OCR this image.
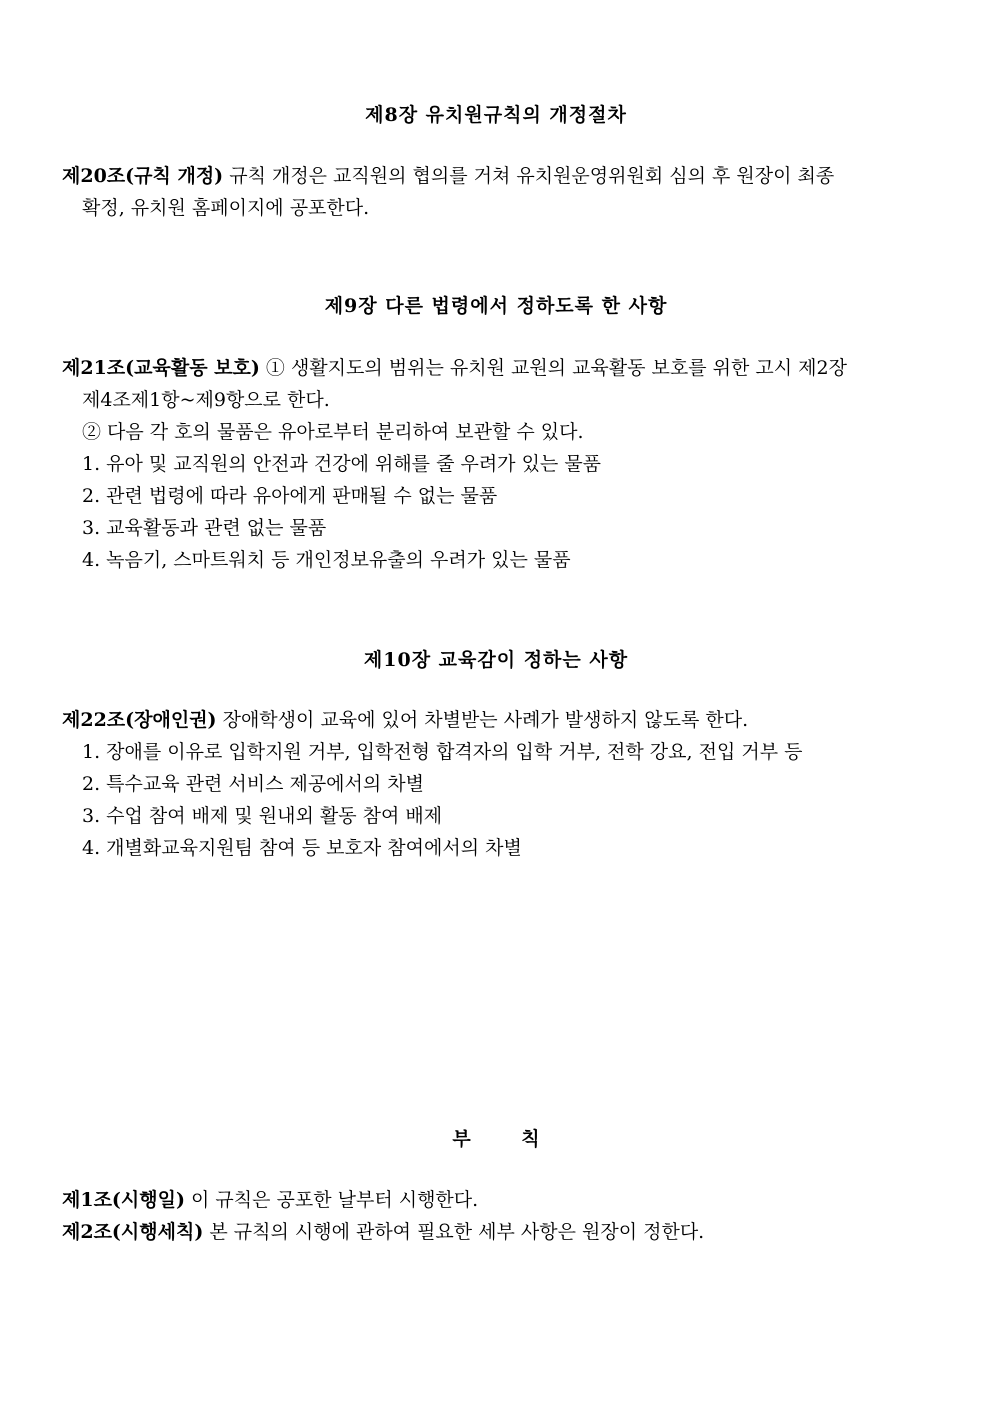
제8장 유치원규칙의 개정절차

제20조(규칙 개정) 규칙 개정은 교직원의 협의를 거쳐 유치원운영위원회 심의 후 원장이 최종

확정, 유치원 홈페이지에 공포한다.

제9장 다른 법령에서 정하도록 한 사항

제21조(교육활동 보호) ① 생활지도의 범위는 유치원 교원의 교육활동 보호를 위한 고시 제2장

제4조제1항~제9항으로 한다.

② 다음 각 호의 물품은 유아로부터 분리하여 보관할 수 있다.

1. 유아 및 교직원의 안전과 건강에 위해를 줄 우려가 있는 물품

2. 관련 법령에 따라 유아에게 판매될 수 없는 물품

3. 교육활동과 관련 없는 물품

4. 녹음기, 스마트워치 등 개인정보유출의 우려가 있는 물품

제10장 교육감이 정하는 사항

제22조(장애인권) 장애학생이 교육에 있어 차별받는 사례가 발생하지 않도록 한다.

1. 장애를 이유로 입학지원 거부, 입학전형 합격자의 입학 거부, 전학 강요, 전입 거부 등

2. 특수교육 관련 서비스 제공에서의 차별

3. 수업 참여 배제 및 원내외 활동 참여 배제

4. 개별화교육지원팀 참여 등 보호자 참여에서의 차별

부 칙

제1조(시행일) 이 규칙은 공포한 날부터 시행한다.

제2조(시행세칙) 본 규칙의 시행에 관하여 필요한 세부 사항은 원장이 정한다.
